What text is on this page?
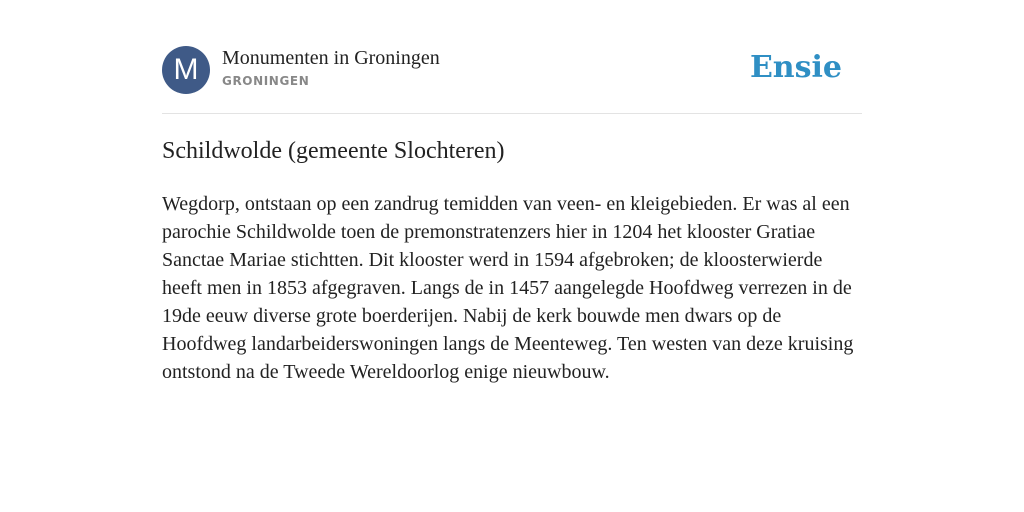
M	Monumenten in Groningen
GRONINGEN	Ensie
Schildwolde (gemeente Slochteren)

Wegdorp, ontstaan op een zandrug temidden van veen- en kleigebieden. Er was al een parochie Schildwolde toen de premonstratenzers hier in 1204 het klooster Gratiae Sanctae Mariae stichtten. Dit klooster werd in 1594 afgebroken; de kloosterwierde heeft men in 1853 afgegraven. Langs de in 1457 aangelegde Hoofdweg verrezen in de 19de eeuw diverse grote boerderijen. Nabij de kerk bouwde men dwars op de Hoofdweg landarbeiderswoningen langs de Meenteweg. Ten westen van deze kruising ontstond na de Tweede Wereldoorlog enige nieuwbouw.
